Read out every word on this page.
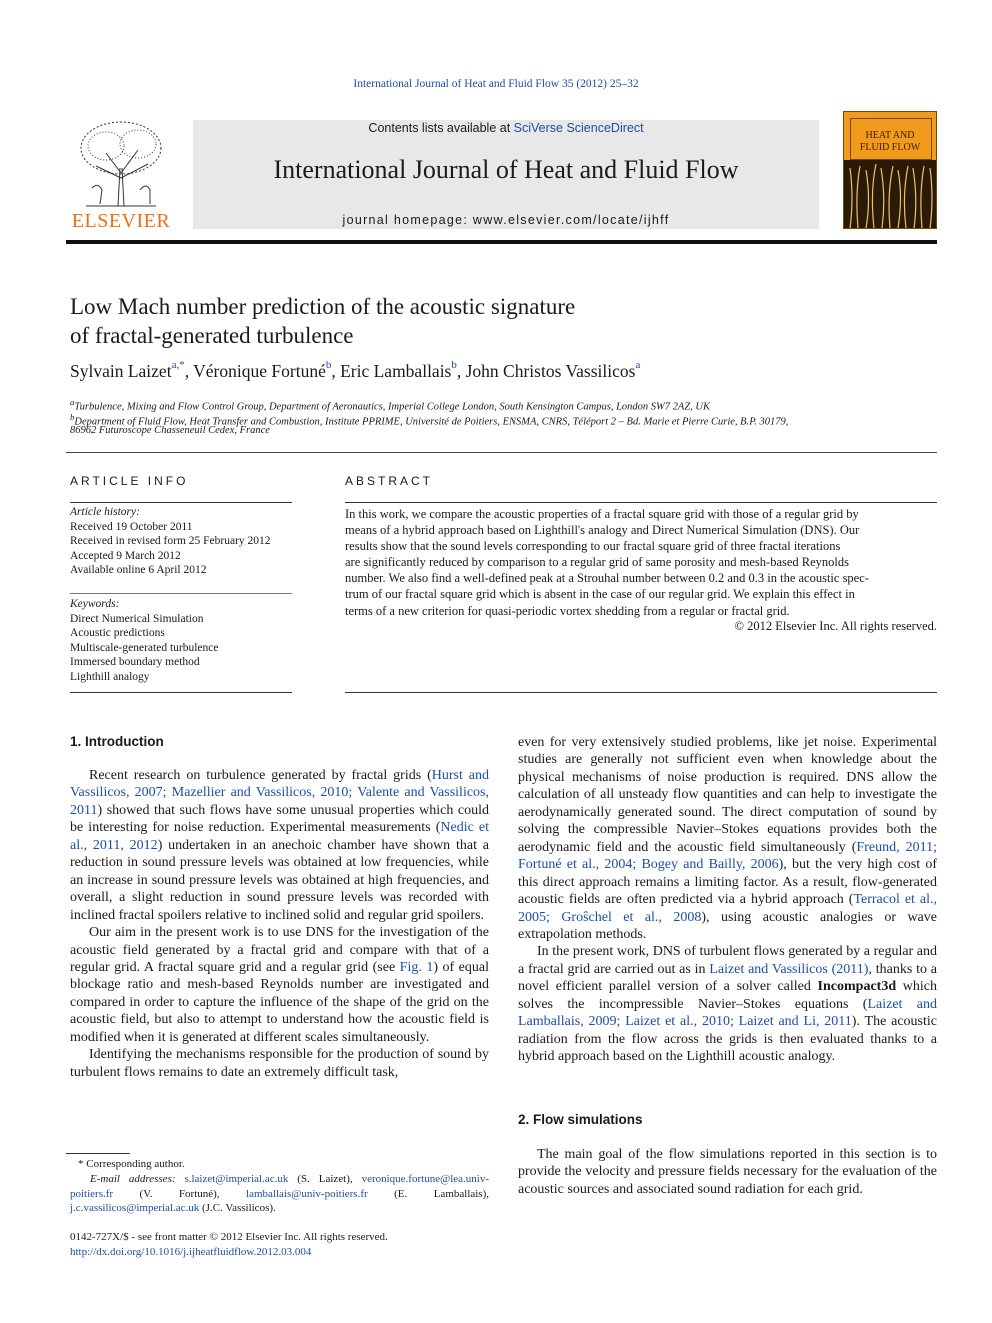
International Journal of Heat and Fluid Flow 35 (2012) 25–32
ELSEVIER
Contents lists available at SciVerse ScienceDirect
International Journal of Heat and Fluid Flow
journal homepage: www.elsevier.com/locate/ijhff
HEAT AND
FLUID FLOW
Low Mach number prediction of the acoustic signature
of fractal-generated turbulence
Sylvain Laizet$^{a,*}$, Véronique Fortuné$^b$, Eric Lamballais$^b$, John Christos Vassilicos$^a$
$^a$Turbulence, Mixing and Flow Control Group, Department of Aeronautics, Imperial College London, South Kensington Campus, London SW7 2AZ, UK
$^b$Department of Fluid Flow, Heat Transfer and Combustion, Institute PPRIME, Université de Poitiers, ENSMA, CNRS, Téléport 2 – Bd. Marie et Pierre Curie, B.P. 30179,
86962 Futuroscope Chasseneuil Cedex, France
ARTICLE INFO
Article history:
Received 19 October 2011
Received in revised form 25 February 2012
Accepted 9 March 2012
Available online 6 April 2012
Keywords:
Direct Numerical Simulation
Acoustic predictions
Multiscale-generated turbulence
Immersed boundary method
Lighthill analogy
ABSTRACT
In this work, we compare the acoustic properties of a fractal square grid with those of a regular grid by
means of a hybrid approach based on Lighthill's analogy and Direct Numerical Simulation (DNS). Our
results show that the sound levels corresponding to our fractal square grid of three fractal iterations
are significantly reduced by comparison to a regular grid of same porosity and mesh-based Reynolds
number. We also find a well-defined peak at a Strouhal number between 0.2 and 0.3 in the acoustic spec-
trum of our fractal square grid which is absent in the case of our regular grid. We explain this effect in
terms of a new criterion for quasi-periodic vortex shedding from a regular or fractal grid.
© 2012 Elsevier Inc. All rights reserved.
1. Introduction

Recent research on turbulence generated by fractal grids (Hurst and Vassilicos, 2007; Mazellier and Vassilicos, 2010; Valente and Vassilicos, 2011) showed that such flows have some unusual properties which could be interesting for noise reduction. Experimental measurements (Nedic et al., 2011, 2012) undertaken in an anechoic chamber have shown that a reduction in sound pressure levels was obtained at low frequencies, while an increase in sound pressure levels was obtained at high frequencies, and overall, a slight reduction in sound pressure levels was recorded with inclined fractal spoilers relative to inclined solid and regular grid spoilers.

Our aim in the present work is to use DNS for the investigation of the acoustic field generated by a fractal grid and compare with that of a regular grid. A fractal square grid and a regular grid (see Fig. 1) of equal blockage ratio and mesh-based Reynolds number are investigated and compared in order to capture the influence of the shape of the grid on the acoustic field, but also to attempt to understand how the acoustic field is modified when it is generated at different scales simultaneously.

Identifying the mechanisms responsible for the production of sound by turbulent flows remains to date an extremely difficult task,

even for very extensively studied problems, like jet noise. Experimental studies are generally not sufficient even when knowledge about the physical mechanisms of noise production is required. DNS allow the calculation of all unsteady flow quantities and can help to investigate the aerodynamically generated sound. The direct computation of sound by solving the compressible Navier–Stokes equations provides both the aerodynamic field and the acoustic field simultaneously (Freund, 2011; Fortuné et al., 2004; Bogey and Bailly, 2006), but the very high cost of this direct approach remains a limiting factor. As a result, flow-generated acoustic fields are often predicted via a hybrid approach (Terracol et al., 2005; Groŝchel et al., 2008), using acoustic analogies or wave extrapolation methods.

In the present work, DNS of turbulent flows generated by a regular and a fractal grid are carried out as in Laizet and Vassilicos (2011), thanks to a novel efficient parallel version of a solver called Incompact3d which solves the incompressible Navier–Stokes equations (Laizet and Lamballais, 2009; Laizet et al., 2010; Laizet and Li, 2011). The acoustic radiation from the flow across the grids is then evaluated thanks to a hybrid approach based on the Lighthill acoustic analogy.

2. Flow simulations

The main goal of the flow simulations reported in this section is to provide the velocity and pressure fields necessary for the evaluation of the acoustic sources and associated sound radiation for each grid.

* Corresponding author.
E-mail addresses: s.laizet@imperial.ac.uk (S. Laizet), veronique.fortune@lea.univ-poitiers.fr (V. Fortuné), lamballais@univ-poitiers.fr (E. Lamballais), j.c.vassilicos@imperial.ac.uk (J.C. Vassilicos).
0142-727X/$ - see front matter © 2012 Elsevier Inc. All rights reserved.
http://dx.doi.org/10.1016/j.ijheatfluidflow.2012.03.004
